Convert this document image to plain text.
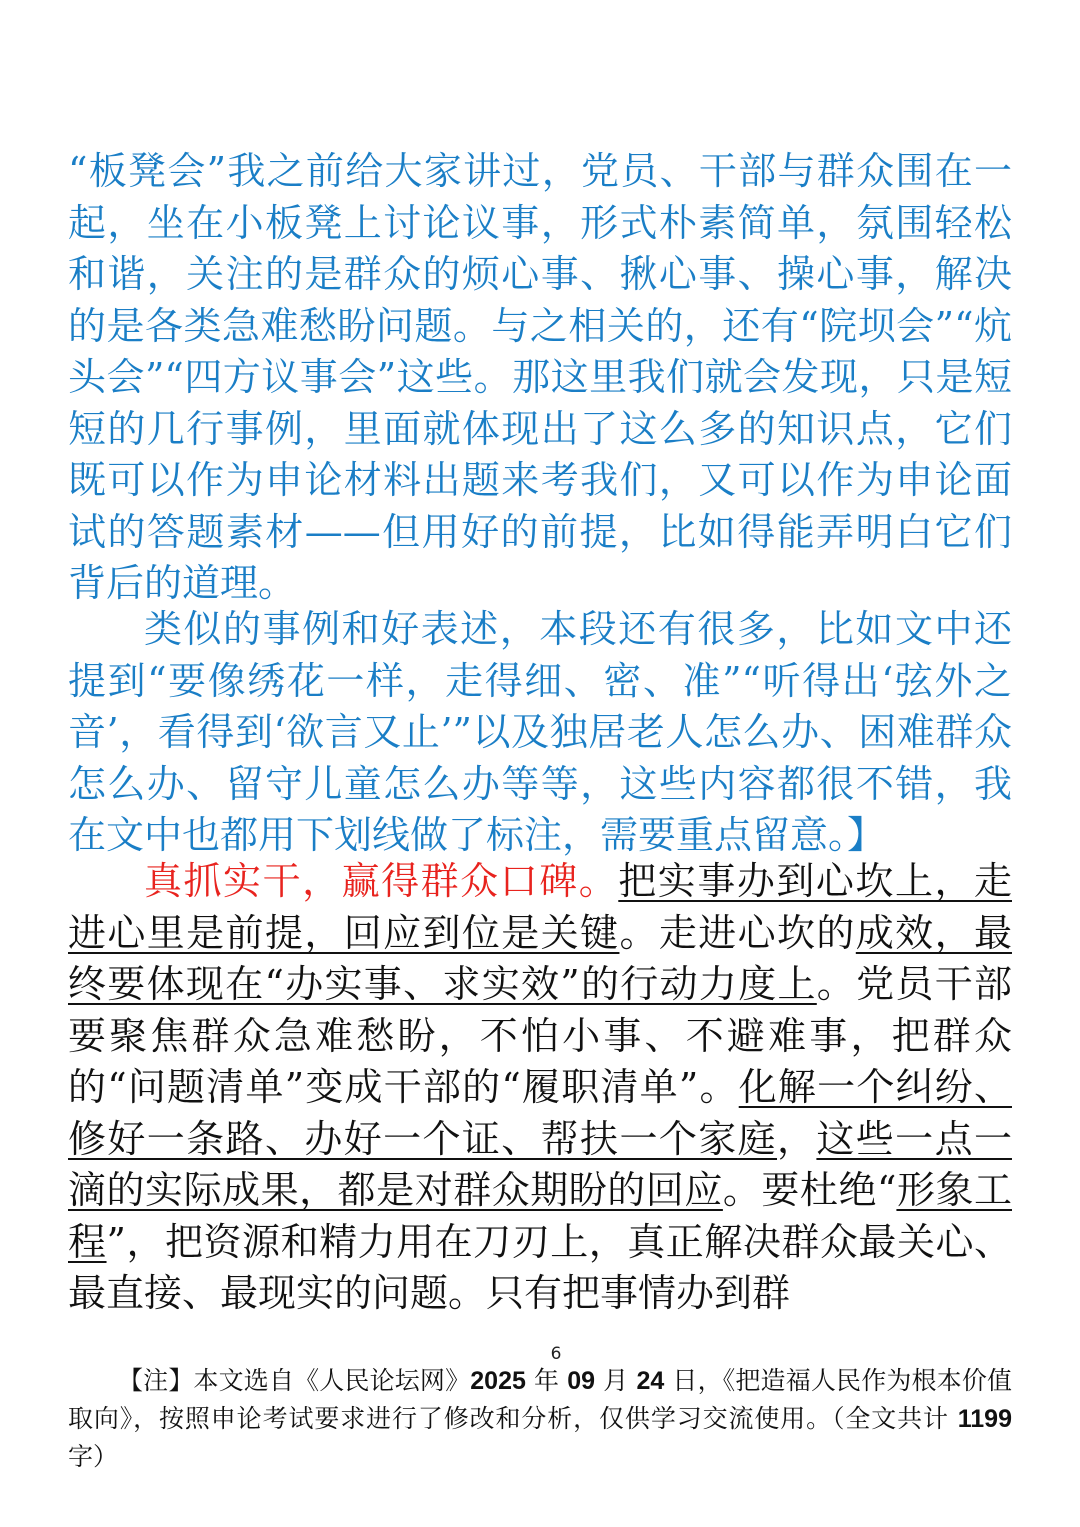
“板凳会”我之前给大家讲过，党员、干部与群众围在一起，坐在小板凳上讨论议事，形式朴素简单，氛围轻松和谐，关注的是群众的烦心事、揪心事、操心事，解决的是各类急难愁盼问题。与之相关的，还有“院坝会”“炕头会”“四方议事会”这些。那这里我们就会发现，只是短短的几行事例，里面就体现出了这么多的知识点，它们既可以作为申论材料出题来考我们，又可以作为申论面试的答题素材——但用好的前提，比如得能弄明白它们背后的道理。

类似的事例和好表述，本段还有很多，比如文中还提到“要像绣花一样，走得细、密、准”“听得出‘弦外之音’，看得到‘欲言又止’”以及独居老人怎么办、困难群众怎么办、留守儿童怎么办等等，这些内容都很不错，我在文中也都用下划线做了标注，需要重点留意。】

真抓实干，赢得群众口碑。把实事办到心坎上，走进心里是前提，回应到位是关键。走进心坎的成效，最终要体现在“办实事、求实效”的行动力度上。党员干部要聚焦群众急难愁盼，不怕小事、不避难事，把群众的“问题清单”变成干部的“履职清单”。化解一个纠纷、修好一条路、办好一个证、帮扶一个家庭，这些一点一滴的实际成果，都是对群众期盼的回应。要杜绝“形象工程”，把资源和精力用在刀刃上，真正解决群众最关心、最直接、最现实的问题。只有把事情办到群

6

【注】本文选自《人民论坛网》2025 年 09 月 24 日，《把造福人民作为根本价值取向》，按照申论考试要求进行了修改和分析，仅供学习交流使用。（全文共计 1199 字）
